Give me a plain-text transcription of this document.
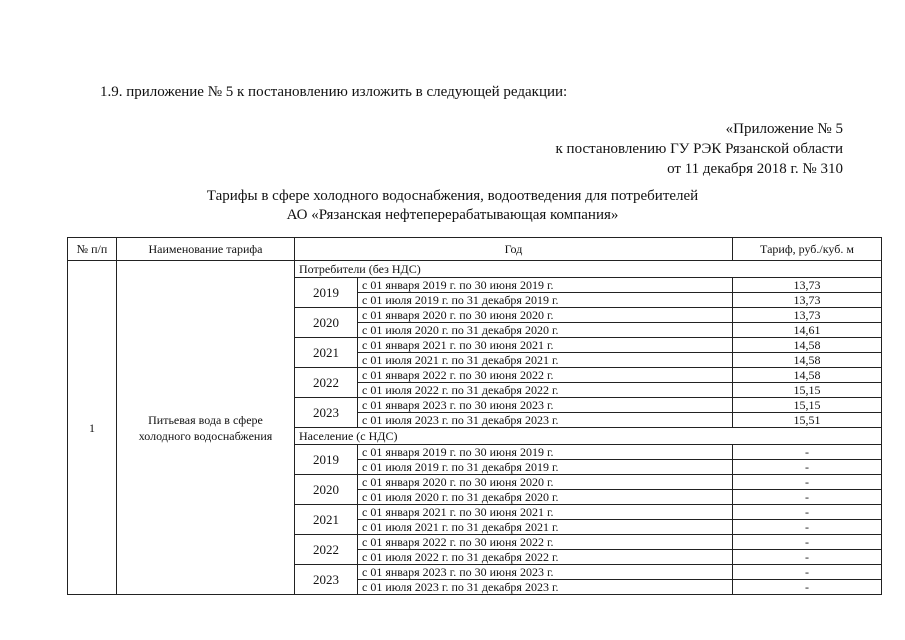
1.9. приложение № 5 к постановлению изложить в следующей редакции:

«Приложение № 5
к постановлению ГУ РЭК Рязанской области
от 11 декабря 2018 г. № 310
Тарифы в сфере холодного водоснабжения, водоотведения для потребителей
АО «Рязанская нефтеперерабатывающая компания»
№ п/п	Наименование тарифа	Год		Тариф, руб./куб. м
1	Питьевая вода в сфере холодного водоснабжения	Потребители (без НДС)		
		2019	с 01 января 2019 г. по 30 июня 2019 г.	13,73
			с 01 июля 2019 г. по 31 декабря 2019 г.	13,73
		2020	с 01 января 2020 г. по 30 июня 2020 г.	13,73
			с 01 июля 2020 г. по 31 декабря 2020 г.	14,61
		2021	с 01 января 2021 г. по 30 июня 2021 г.	14,58
			с 01 июля 2021 г. по 31 декабря 2021 г.	14,58
		2022	с 01 января 2022 г. по 30 июня 2022 г.	14,58
			с 01 июля 2022 г. по 31 декабря 2022 г.	15,15
		2023	с 01 января 2023 г. по 30 июня 2023 г.	15,15
			с 01 июля 2023 г. по 31 декабря 2023 г.	15,51
		Население (с НДС)		
		2019	с 01 января 2019 г. по 30 июня 2019 г.	-
			с 01 июля 2019 г. по 31 декабря 2019 г.	-
		2020	с 01 января 2020 г. по 30 июня 2020 г.	-
			с 01 июля 2020 г. по 31 декабря 2020 г.	-
		2021	с 01 января 2021 г. по 30 июня 2021 г.	-
			с 01 июля 2021 г. по 31 декабря 2021 г.	-
		2022	с 01 января 2022 г. по 30 июня 2022 г.	-
			с 01 июля 2022 г. по 31 декабря 2022 г.	-
		2023	с 01 января 2023 г. по 30 июня 2023 г.	-
			с 01 июля 2023 г. по 31 декабря 2023 г.	-
